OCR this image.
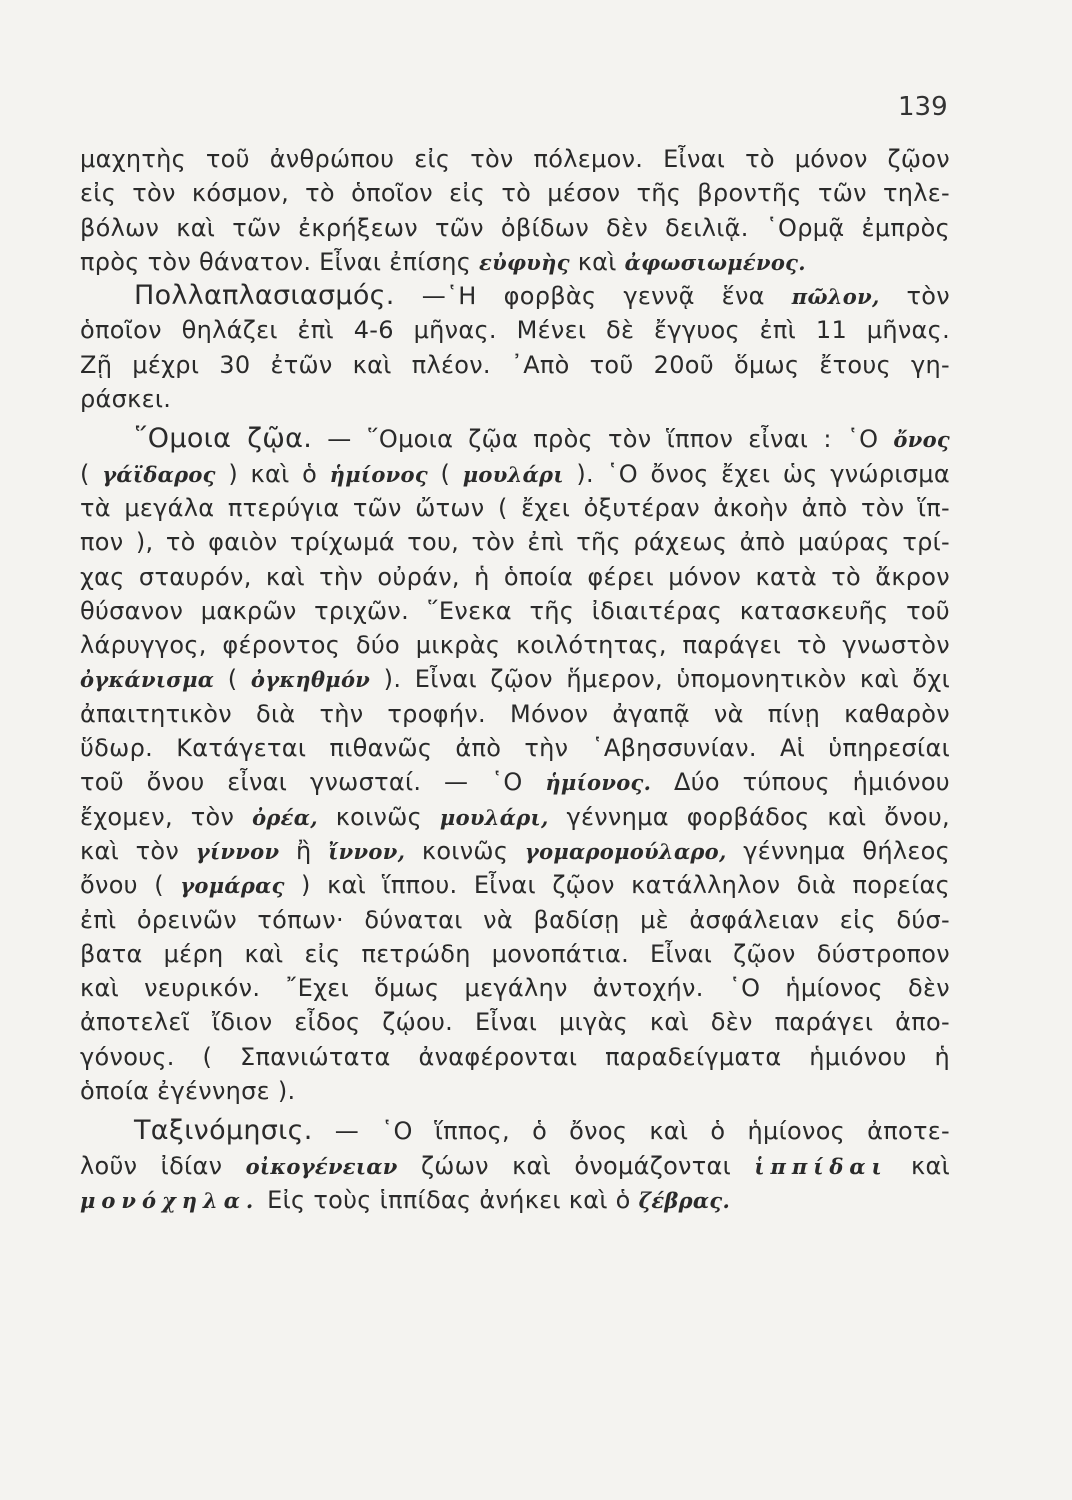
139
μαχητὴς τοῦ ἀνθρώπου εἰς τὸν πόλεμον. Εἶναι τὸ μόνον ζῷον
εἰς τὸν κόσμον, τὸ ὁποῖον εἰς τὸ μέσον τῆς βροντῆς τῶν τηλε-
βόλων καὶ τῶν ἐκρήξεων τῶν ὀβίδων δὲν δειλιᾷ. ῾Ορμᾷ ἐμπρὸς
πρὸς τὸν θάνατον. Εἶναι ἐπίσης εὐφυὴς καὶ ἀφωσιωμένος.
Πολλαπλασιασμός. —῾Η φορβὰς γεννᾷ ἕνα πῶλον, τὸν
ὁποῖον θηλάζει ἐπὶ 4-6 μῆνας. Μένει δὲ ἔγγυος ἐπὶ 11 μῆνας.
Ζῇ μέχρι 30 ἐτῶν καὶ πλέον. ᾿Απὸ τοῦ 20οῦ ὅμως ἔτους γη-
ράσκει.
῞Ομοια ζῷα. — ῞Ομοια ζῷα πρὸς τὸν ἵππον εἶναι : ῾Ο ὄνος
( γάϊδαρος ) καὶ ὁ ἡμίονος ( μουλάρι ). ῾Ο ὄνος ἔχει ὡς γνώρισμα
τὰ μεγάλα πτερύγια τῶν ὤτων ( ἔχει ὀξυτέραν ἀκοὴν ἀπὸ τὸν ἵπ-
πον ), τὸ φαιὸν τρίχωμά του, τὸν ἐπὶ τῆς ράχεως ἀπὸ μαύρας τρί-
χας σταυρόν, καὶ τὴν οὐράν, ἡ ὁποία φέρει μόνον κατὰ τὸ ἄκρον
θύσανον μακρῶν τριχῶν. ῞Ενεκα τῆς ἰδιαιτέρας κατασκευῆς τοῦ
λάρυγγος, φέροντος δύο μικρὰς κοιλότητας, παράγει τὸ γνωστὸν
ὀγκάνισμα ( ὀγκηθμόν ). Εἶναι ζῷον ἥμερον, ὑπομονητικὸν καὶ ὄχι
ἀπαιτητικὸν διὰ τὴν τροφήν. Μόνον ἀγαπᾷ νὰ πίνῃ καθαρὸν
ὕδωρ. Κατάγεται πιθανῶς ἀπὸ τὴν ῾Αβησσυνίαν. Αἱ ὑπηρεσίαι
τοῦ ὄνου εἶναι γνωσταί. — ῾Ο ἡμίονος. Δύο τύπους ἡμιόνου
ἔχομεν, τὸν ὀρέα, κοινῶς μουλάρι, γέννημα φορβάδος καὶ ὄνου,
καὶ τὸν γίννον ἢ ἴννον, κοινῶς γομαρομούλαρο, γέννημα θήλεος
ὄνου ( γομάρας ) καὶ ἵππου. Εἶναι ζῷον κατάλληλον διὰ πορείας
ἐπὶ ὀρεινῶν τόπων· δύναται νὰ βαδίσῃ μὲ ἀσφάλειαν εἰς δύσ-
βατα μέρη καὶ εἰς πετρώδη μονοπάτια. Εἶναι ζῷον δύστροπον
καὶ νευρικόν. ῎Εχει ὅμως μεγάλην ἀντοχήν. ῾Ο ἡμίονος δὲν
ἀποτελεῖ ἴδιον εἶδος ζῴου. Εἶναι μιγὰς καὶ δὲν παράγει ἀπο-
γόνους. ( Σπανιώτατα ἀναφέρονται παραδείγματα ἡμιόνου ἡ
ὁποία ἐγέννησε ).
Ταξινόμησις. — ῾Ο ἵππος, ὁ ὄνος καὶ ὁ ἡμίονος ἀποτε-
λοῦν ἰδίαν οἰκογένειαν ζώων καὶ ὀνομάζονται ἱππίδαι καὶ
μονόχηλα. Εἰς τοὺς ἱππίδας ἀνήκει καὶ ὁ ζέβρας.
